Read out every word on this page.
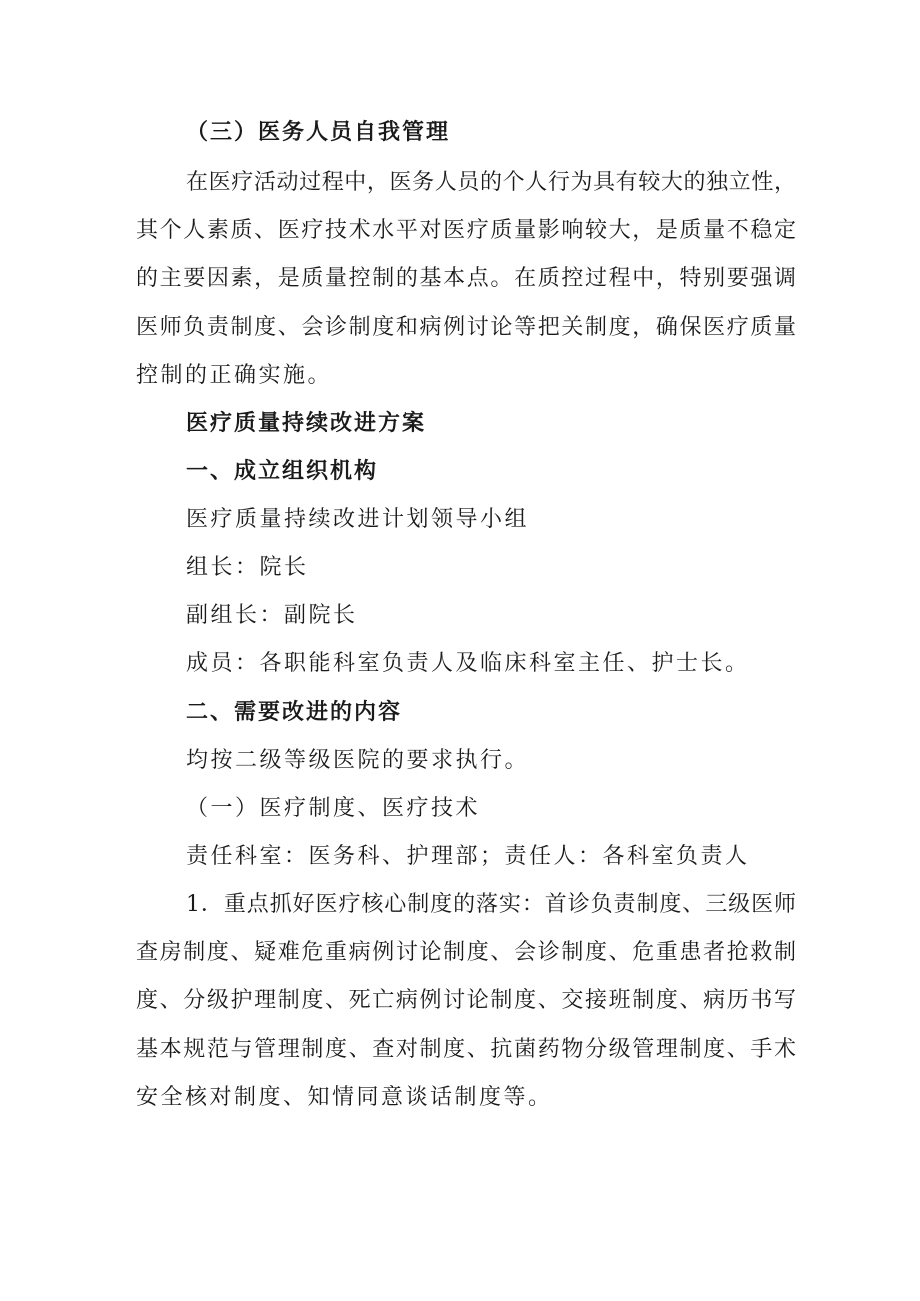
（三）医务人员自我管理
在医疗活动过程中，医务人员的个人行为具有较大的独立性，
其个人素质、医疗技术水平对医疗质量影响较大，是质量不稳定
的主要因素，是质量控制的基本点。在质控过程中，特别要强调
医师负责制度、会诊制度和病例讨论等把关制度，确保医疗质量
控制的正确实施。
医疗质量持续改进方案
一、成立组织机构
医疗质量持续改进计划领导小组
组长：院长
副组长：副院长
成员：各职能科室负责人及临床科室主任、护士长。
二、需要改进的内容
均按二级等级医院的要求执行。
（一）医疗制度、医疗技术
责任科室：医务科、护理部；责任人：各科室负责人
1．重点抓好医疗核心制度的落实：首诊负责制度、三级医师
查房制度、疑难危重病例讨论制度、会诊制度、危重患者抢救制
度、分级护理制度、死亡病例讨论制度、交接班制度、病历书写
基本规范与管理制度、查对制度、抗菌药物分级管理制度、手术
安全核对制度、知情同意谈话制度等。
